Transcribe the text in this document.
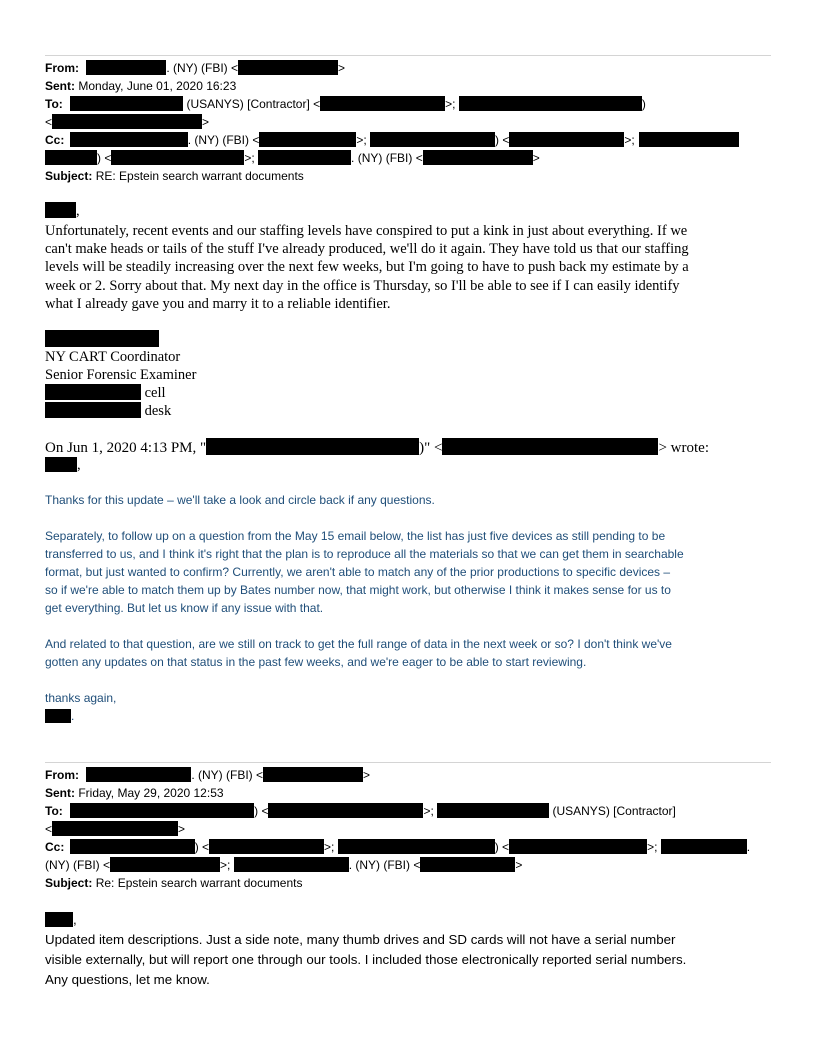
From:	. (NY) (FBI) <	>
Sent: Monday, June 01, 2020 16:23
To:	(USANYS) [Contractor] <	>;	)
<	>
Cc:	. (NY) (FBI) <	>;	) <	>;
) <	>;	. (NY) (FBI) <	>
Subject: RE: Epstein search warrant documents
,
Unfortunately, recent events and our staffing levels have conspired to put a kink in just about everything. If we
can't make heads or tails of the stuff I've already produced, we'll do it again. They have told us that our staffing
levels will be steadily increasing over the next few weeks, but I'm going to have to push back my estimate by a
week or 2. Sorry about that. My next day in the office is Thursday, so I'll be able to see if I can easily identify
what I already gave you and marry it to a reliable identifier.
NY CART Coordinator
Senior Forensic Examiner
cell
desk
On Jun 1, 2020 4:13 PM, "	)" <	> wrote:
,
Thanks for this update – we'll take a look and circle back if any questions.
Separately, to follow up on a question from the May 15 email below, the list has just five devices as still pending to be
transferred to us, and I think it's right that the plan is to reproduce all the materials so that we can get them in searchable
format, but just wanted to confirm? Currently, we aren't able to match any of the prior productions to specific devices –
so if we're able to match them up by Bates number now, that might work, but otherwise I think it makes sense for us to
get everything. But let us know if any issue with that.
And related to that question, are we still on track to get the full range of data in the next week or so? I don't think we've
gotten any updates on that status in the past few weeks, and we're eager to be able to start reviewing.
thanks again,
.
From:	. (NY) (FBI) <	>
Sent: Friday, May 29, 2020 12:53
To:	) <	>;	(USANYS) [Contractor]
<	>
Cc:	) <	>;	) <	>;	.
(NY) (FBI) <	>;	. (NY) (FBI) <	>
Subject: Re: Epstein search warrant documents
,
Updated item descriptions. Just a side note, many thumb drives and SD cards will not have a serial number
visible externally, but will report one through our tools. I included those electronically reported serial numbers.
Any questions, let me know.
